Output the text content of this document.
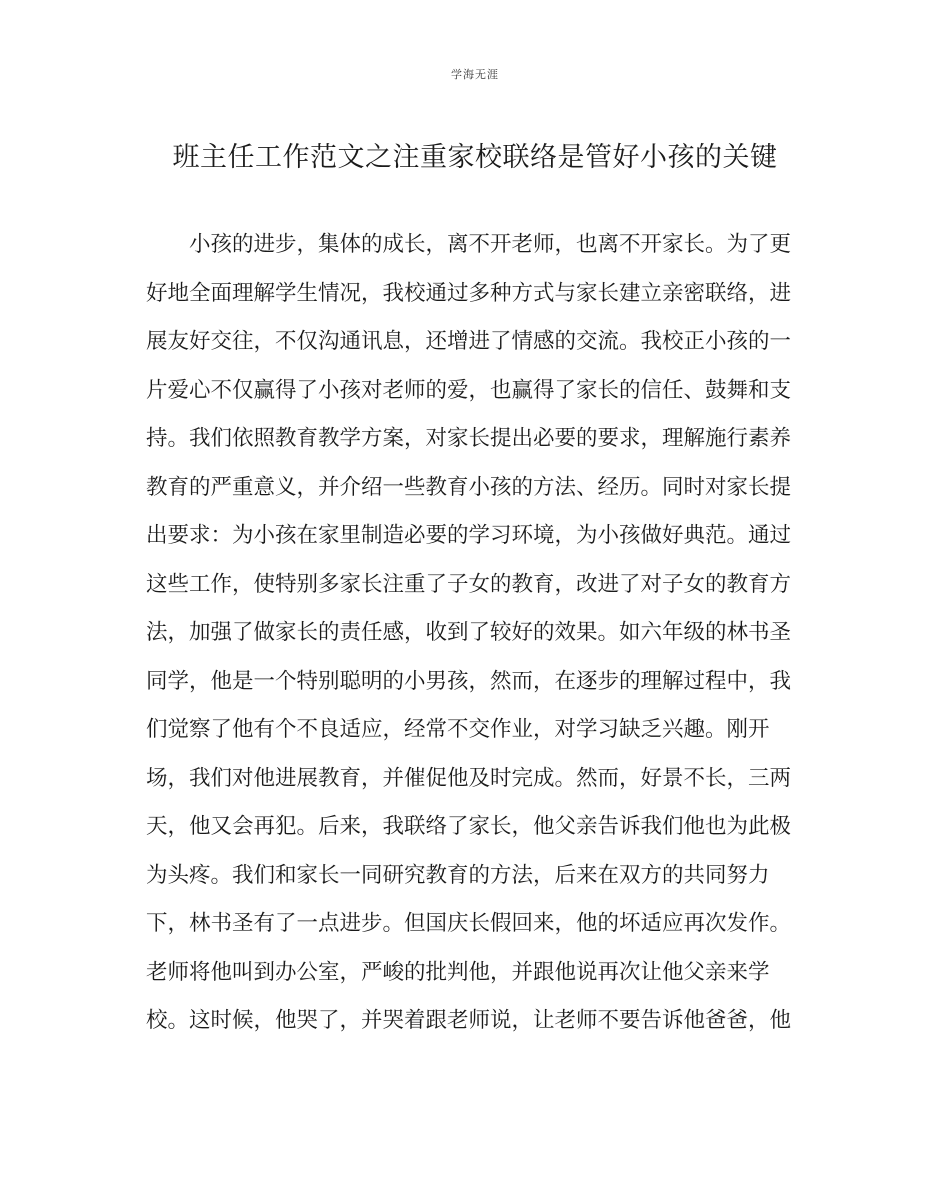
学海无涯
班主任工作范文之注重家校联络是管好小孩的关键
小孩的进步，集体的成长，离不开老师，也离不开家长。为了更
好地全面理解学生情况，我校通过多种方式与家长建立亲密联络，进
展友好交往，不仅沟通讯息，还增进了情感的交流。我校正小孩的一
片爱心不仅赢得了小孩对老师的爱，也赢得了家长的信任、鼓舞和支
持。我们依照教育教学方案，对家长提出必要的要求，理解施行素养
教育的严重意义，并介绍一些教育小孩的方法、经历。同时对家长提
出要求：为小孩在家里制造必要的学习环境，为小孩做好典范。通过
这些工作，使特别多家长注重了子女的教育，改进了对子女的教育方
法，加强了做家长的责任感，收到了较好的效果。如六年级的林书圣
同学，他是一个特别聪明的小男孩，然而，在逐步的理解过程中，我
们觉察了他有个不良适应，经常不交作业，对学习缺乏兴趣。刚开
场，我们对他进展教育，并催促他及时完成。然而，好景不长，三两
天，他又会再犯。后来，我联络了家长，他父亲告诉我们他也为此极
为头疼。我们和家长一同研究教育的方法，后来在双方的共同努力
下，林书圣有了一点进步。但国庆长假回来，他的坏适应再次发作。
老师将他叫到办公室，严峻的批判他，并跟他说再次让他父亲来学
校。这时候，他哭了，并哭着跟老师说，让老师不要告诉他爸爸，他
